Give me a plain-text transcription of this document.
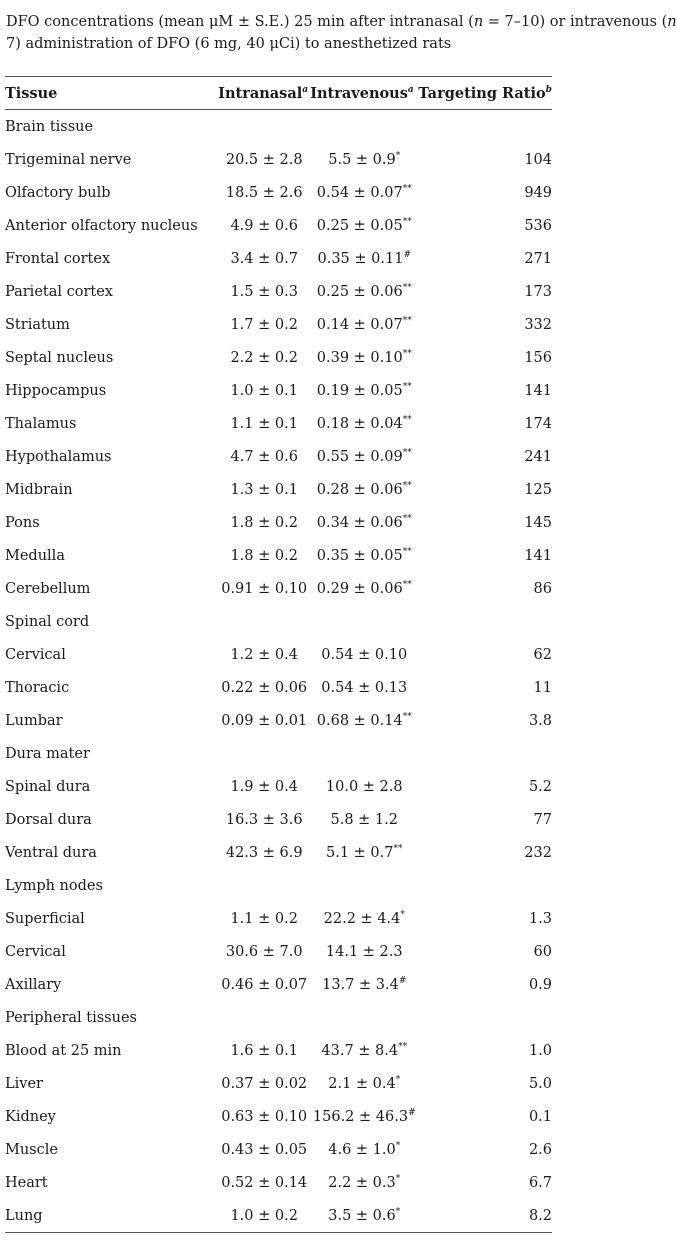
DFO concentrations (mean μM ± S.E.) 25 min after intranasal (n = 7–10) or intravenous (n
7) administration of DFO (6 mg, 40 μCi) to anesthetized rats
Tissue	Intranasal$^a$	Intravenous$^a$	Targeting Ratio$^b$
Brain tissue			
Trigeminal nerve	20.5 ± 2.8	5.5 ± 0.9*	104
Olfactory bulb	18.5 ± 2.6	0.54 ± 0.07**	949
Anterior olfactory nucleus	4.9 ± 0.6	0.25 ± 0.05**	536
Frontal cortex	3.4 ± 0.7	0.35 ± 0.11#	271
Parietal cortex	1.5 ± 0.3	0.25 ± 0.06**	173
Striatum	1.7 ± 0.2	0.14 ± 0.07**	332
Septal nucleus	2.2 ± 0.2	0.39 ± 0.10**	156
Hippocampus	1.0 ± 0.1	0.19 ± 0.05**	141
Thalamus	1.1 ± 0.1	0.18 ± 0.04**	174
Hypothalamus	4.7 ± 0.6	0.55 ± 0.09**	241
Midbrain	1.3 ± 0.1	0.28 ± 0.06**	125
Pons	1.8 ± 0.2	0.34 ± 0.06**	145
Medulla	1.8 ± 0.2	0.35 ± 0.05**	141
Cerebellum	0.91 ± 0.10	0.29 ± 0.06**	86
Spinal cord			
Cervical	1.2 ± 0.4	0.54 ± 0.10	62
Thoracic	0.22 ± 0.06	0.54 ± 0.13	11
Lumbar	0.09 ± 0.01	0.68 ± 0.14**	3.8
Dura mater			
Spinal dura	1.9 ± 0.4	10.0 ± 2.8	5.2
Dorsal dura	16.3 ± 3.6	5.8 ± 1.2	77
Ventral dura	42.3 ± 6.9	5.1 ± 0.7**	232
Lymph nodes			
Superficial	1.1 ± 0.2	22.2 ± 4.4*	1.3
Cervical	30.6 ± 7.0	14.1 ± 2.3	60
Axillary	0.46 ± 0.07	13.7 ± 3.4#	0.9
Peripheral tissues			
Blood at 25 min	1.6 ± 0.1	43.7 ± 8.4**	1.0
Liver	0.37 ± 0.02	2.1 ± 0.4*	5.0
Kidney	0.63 ± 0.10	156.2 ± 46.3#	0.1
Muscle	0.43 ± 0.05	4.6 ± 1.0*	2.6
Heart	0.52 ± 0.14	2.2 ± 0.3*	6.7
Lung	1.0 ± 0.2	3.5 ± 0.6*	8.2
